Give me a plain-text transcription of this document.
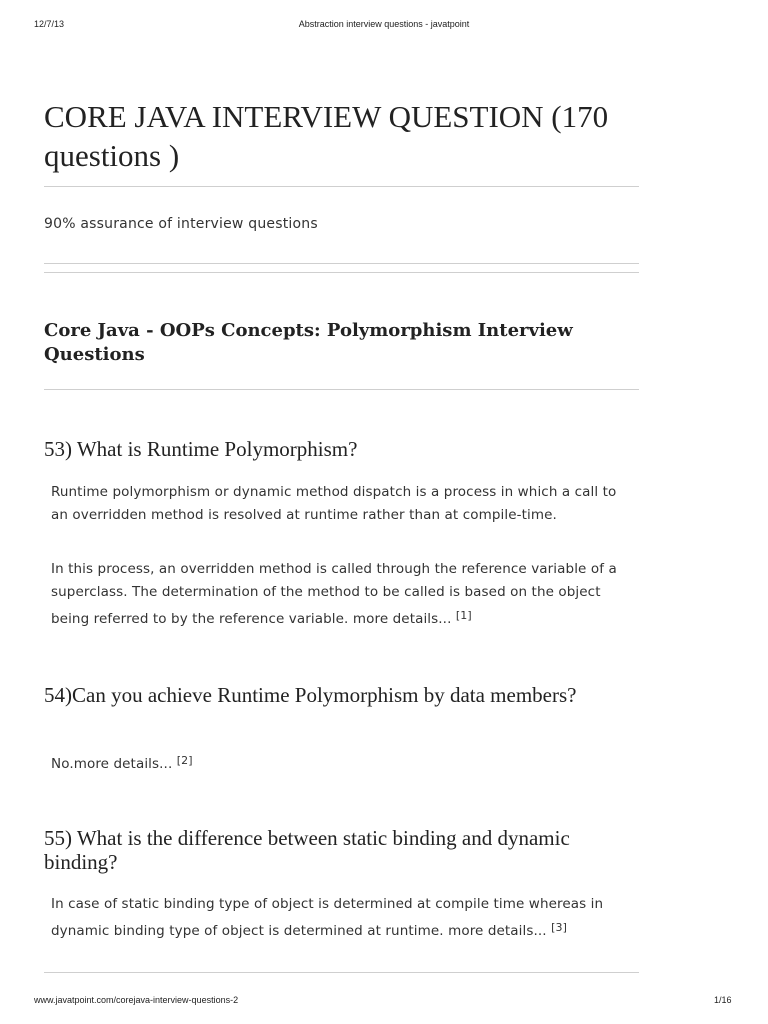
12/7/13	Abstraction interview questions - javatpoint
CORE JAVA INTERVIEW QUESTION (170 questions )
90% assurance of interview questions
Core Java - OOPs Concepts: Polymorphism Interview Questions
53) What is Runtime Polymorphism?

Runtime polymorphism or dynamic method dispatch is a process in which a call to an overridden method is resolved at runtime rather than at compile-time.

In this process, an overridden method is called through the reference variable of a superclass. The determination of the method to be called is based on the object being referred to by the reference variable. more details... [1]

54)Can you achieve Runtime Polymorphism by data members?

No.more details... [2]

55) What is the difference between static binding and dynamic binding?

In case of static binding type of object is determined at compile time whereas in dynamic binding type of object is determined at runtime. more details... [3]

www.javatpoint.com/corejava-interview-questions-2	1/16
